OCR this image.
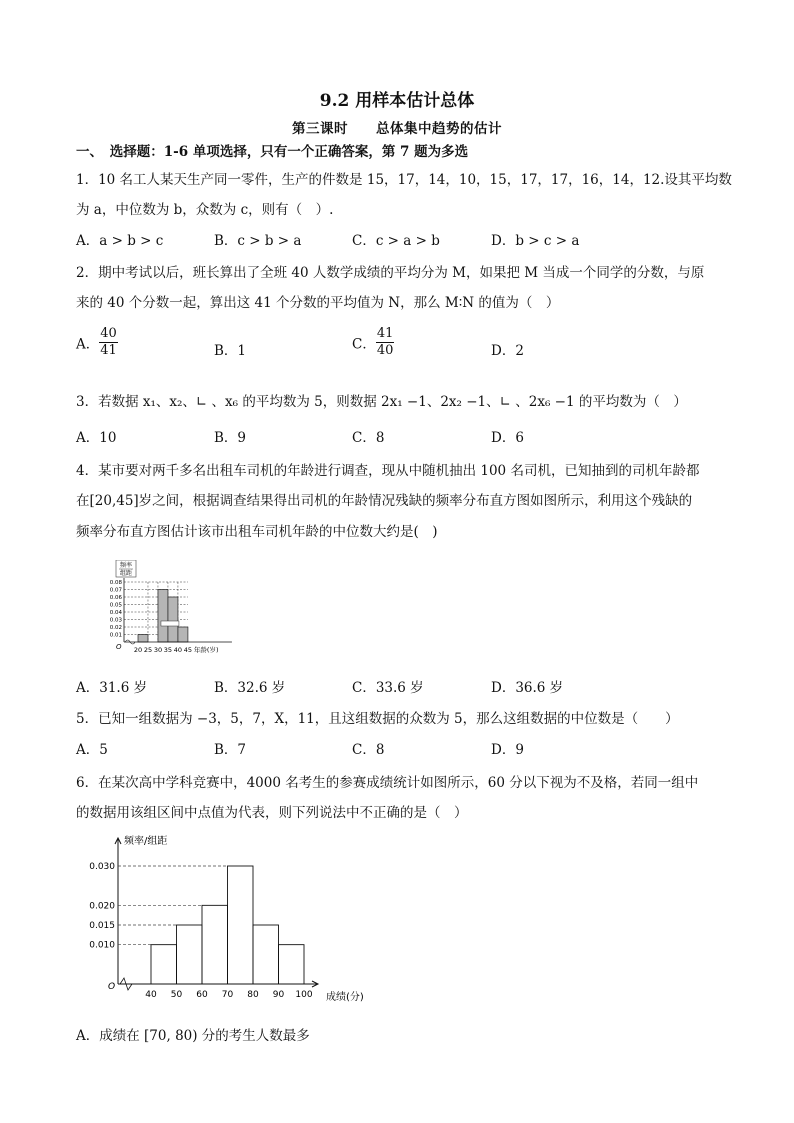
9.2 用样本估计总体
第三课时　　总体集中趋势的估计
一、　选择题：1-6 单项选择，只有一个正确答案，第 7 题为多选
1．10 名工人某天生产同一零件，生产的件数是 15，17，14，10，15，17，17，16，14，12.设其平均数
为 a，中位数为 b，众数为 c，则有（　）.
A．a > b > c	B．c > b > a	C．c > a > b	D．b > c > a
2．期中考试以后，班长算出了全班 40 人数学成绩的平均分为 M，如果把 M 当成一个同学的分数，与原
来的 40 个分数一起，算出这 41 个分数的平均值为 N，那么 M∶N 的值为（　）
A． $\frac{40}{41}$	B．1	C． $\frac{41}{40}$	D．2
3．若数据 x₁、x₂、∟ 、x₆ 的平均数为 5，则数据 2x₁ −1、2x₂ −1、∟ 、2x₆ −1 的平均数为（　）
A．10	B．9	C．8	D．6
4．某市要对两千多名出租车司机的年龄进行调查，现从中随机抽出 100 名司机，已知抽到的司机年龄都
在[20,45]岁之间，根据调查结果得出司机的年龄情况残缺的频率分布直方图如图所示，利用这个残缺的
频率分布直方图估计该市出租车司机年龄的中位数大约是(　)
频率
组距
0.08
0.07
0.06
0.05
0.04
0.03
0.02
0.01
O 20 25 30 35 40 45 年龄(岁)
A．31.6 岁	B．32.6 岁	C．33.6 岁	D．36.6 岁
5．已知一组数据为 −3，5，7，X，11，且这组数据的众数为 5，那么这组数据的中位数是（　　）
A．5	B．7	C．8	D．9
6．在某次高中学科竞赛中，4000 名考生的参赛成绩统计如图所示，60 分以下视为不及格，若同一组中
的数据用该组区间中点值为代表，则下列说法中不正确的是（　）
O
频率/组距
0.030
0.020
0.015
0.010
40 50 60 70 80 90 100 成绩(分)
A．成绩在 [70, 80) 分的考生人数最多
